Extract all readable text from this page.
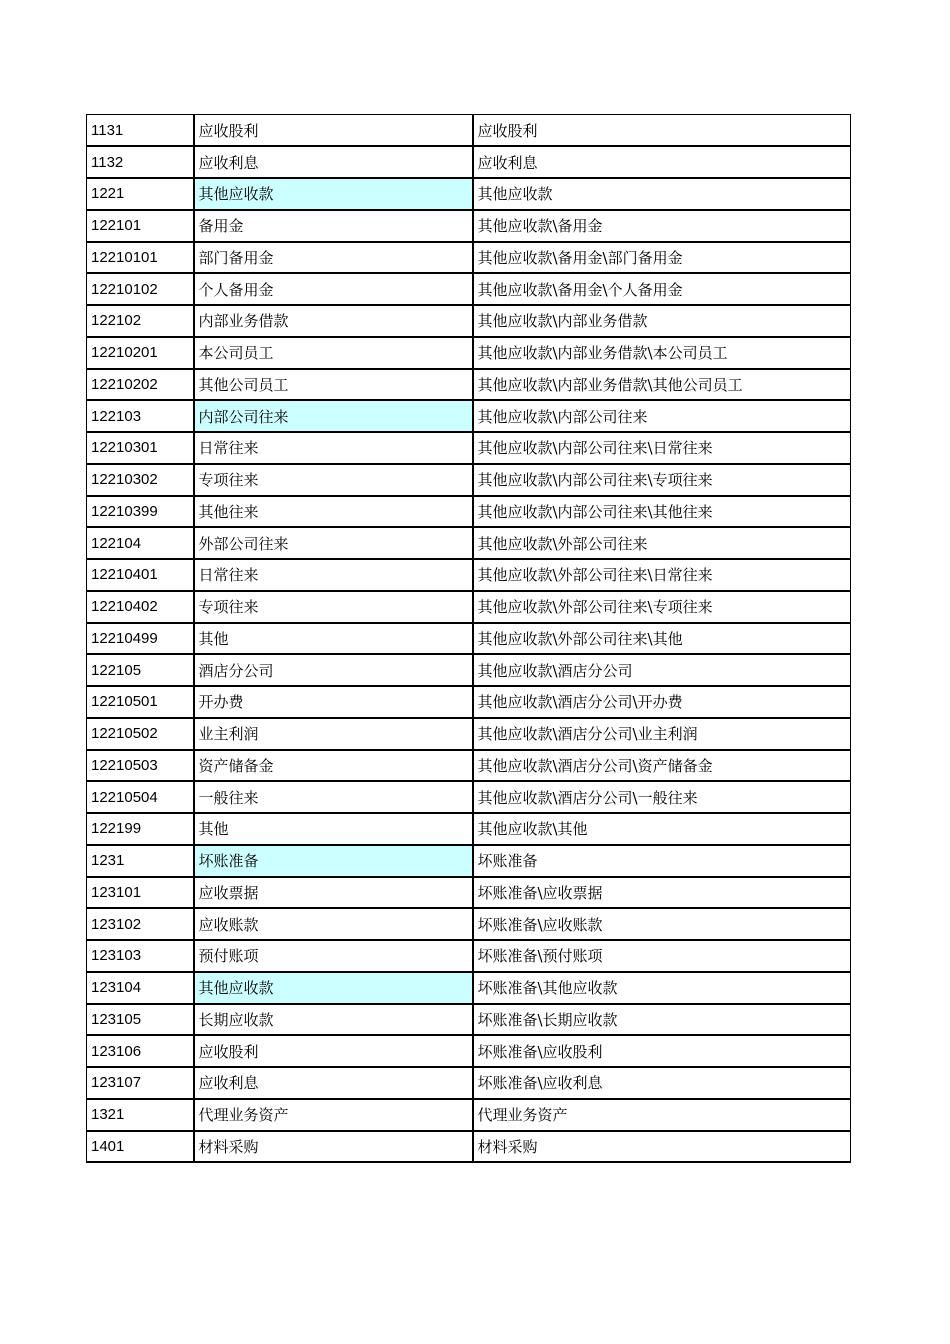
1131	应收股利	应收股利
1132	应收利息	应收利息
1221	其他应收款	其他应收款
122101	备用金	其他应收款\备用金
12210101	部门备用金	其他应收款\备用金\部门备用金
12210102	个人备用金	其他应收款\备用金\个人备用金
122102	内部业务借款	其他应收款\内部业务借款
12210201	本公司员工	其他应收款\内部业务借款\本公司员工
12210202	其他公司员工	其他应收款\内部业务借款\其他公司员工
122103	内部公司往来	其他应收款\内部公司往来
12210301	日常往来	其他应收款\内部公司往来\日常往来
12210302	专项往来	其他应收款\内部公司往来\专项往来
12210399	其他往来	其他应收款\内部公司往来\其他往来
122104	外部公司往来	其他应收款\外部公司往来
12210401	日常往来	其他应收款\外部公司往来\日常往来
12210402	专项往来	其他应收款\外部公司往来\专项往来
12210499	其他	其他应收款\外部公司往来\其他
122105	酒店分公司	其他应收款\酒店分公司
12210501	开办费	其他应收款\酒店分公司\开办费
12210502	业主利润	其他应收款\酒店分公司\业主利润
12210503	资产储备金	其他应收款\酒店分公司\资产储备金
12210504	一般往来	其他应收款\酒店分公司\一般往来
122199	其他	其他应收款\其他
1231	坏账准备	坏账准备
123101	应收票据	坏账准备\应收票据
123102	应收账款	坏账准备\应收账款
123103	预付账项	坏账准备\预付账项
123104	其他应收款	坏账准备\其他应收款
123105	长期应收款	坏账准备\长期应收款
123106	应收股利	坏账准备\应收股利
123107	应收利息	坏账准备\应收利息
1321	代理业务资产	代理业务资产
1401	材料采购	材料采购
